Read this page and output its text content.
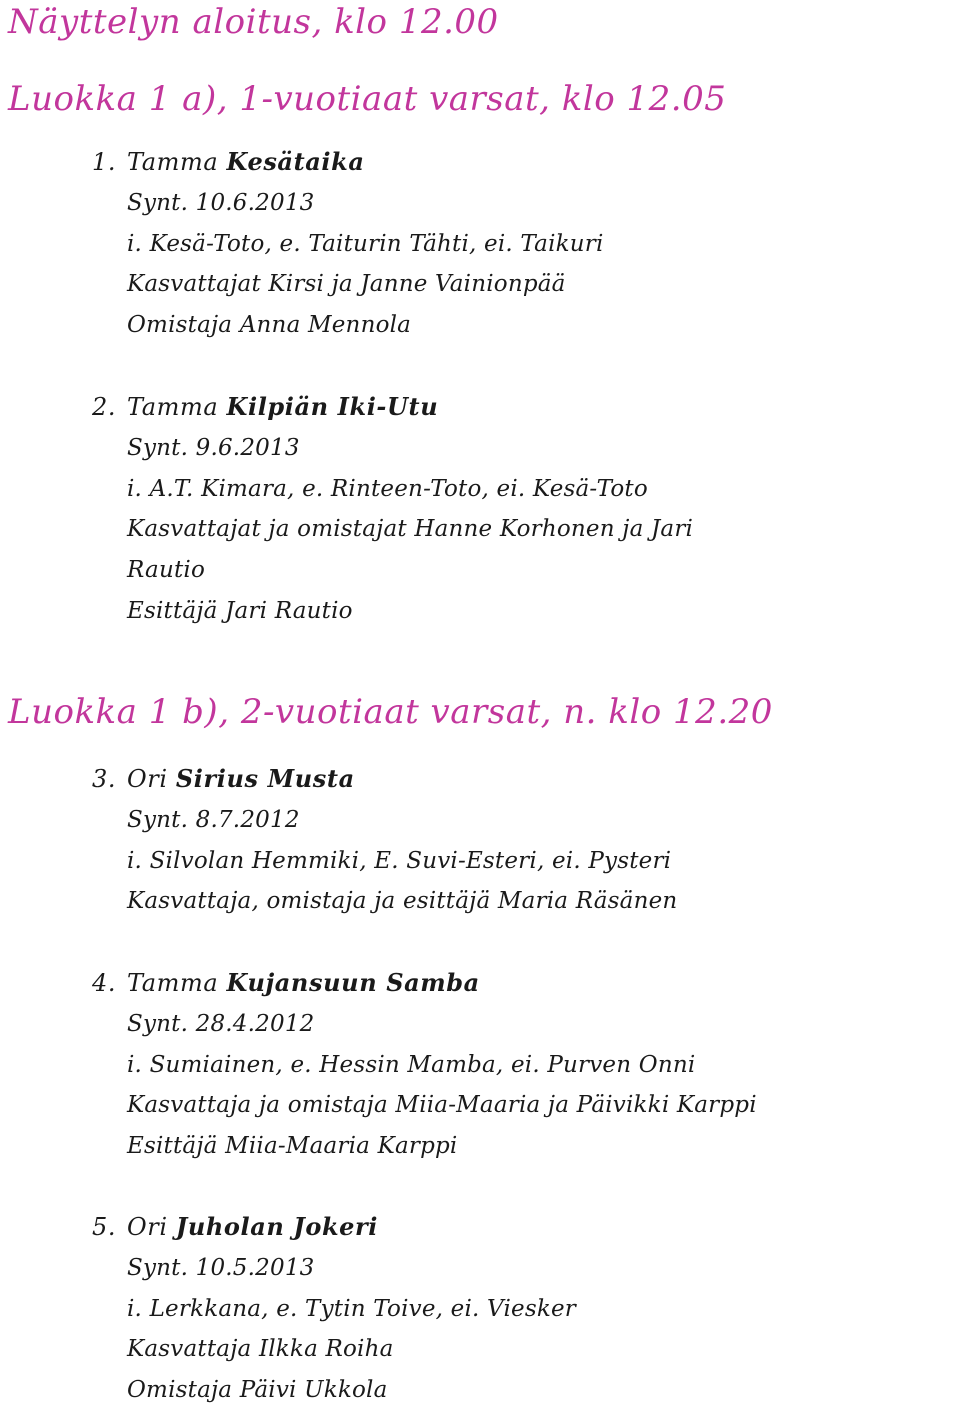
Näyttelyn aloitus, klo 12.00
Luokka 1 a), 1-vuotiaat varsat, klo 12.05
1. Tamma Kesätaika
Synt. 10.6.2013
i. Kesä-Toto, e. Taiturin Tähti, ei. Taikuri
Kasvattajat Kirsi ja Janne Vainionpää
Omistaja Anna Mennola
2. Tamma Kilpiän Iki-Utu
Synt. 9.6.2013
i. A.T. Kimara, e. Rinteen-Toto, ei. Kesä-Toto
Kasvattajat ja omistajat Hanne Korhonen ja Jari
Rautio
Esittäjä Jari Rautio
Luokka 1 b), 2-vuotiaat varsat, n. klo 12.20
3. Ori Sirius Musta
Synt. 8.7.2012
i. Silvolan Hemmiki, E. Suvi-Esteri, ei. Pysteri
Kasvattaja, omistaja ja esittäjä Maria Räsänen
4. Tamma Kujansuun Samba
Synt. 28.4.2012
i. Sumiainen, e. Hessin Mamba, ei. Purven Onni
Kasvattaja ja omistaja Miia-Maaria ja Päivikki Karppi
Esittäjä Miia-Maaria Karppi
5. Ori Juholan Jokeri
Synt. 10.5.2013
i. Lerkkana, e. Tytin Toive, ei. Viesker
Kasvattaja Ilkka Roiha
Omistaja Päivi Ukkola
